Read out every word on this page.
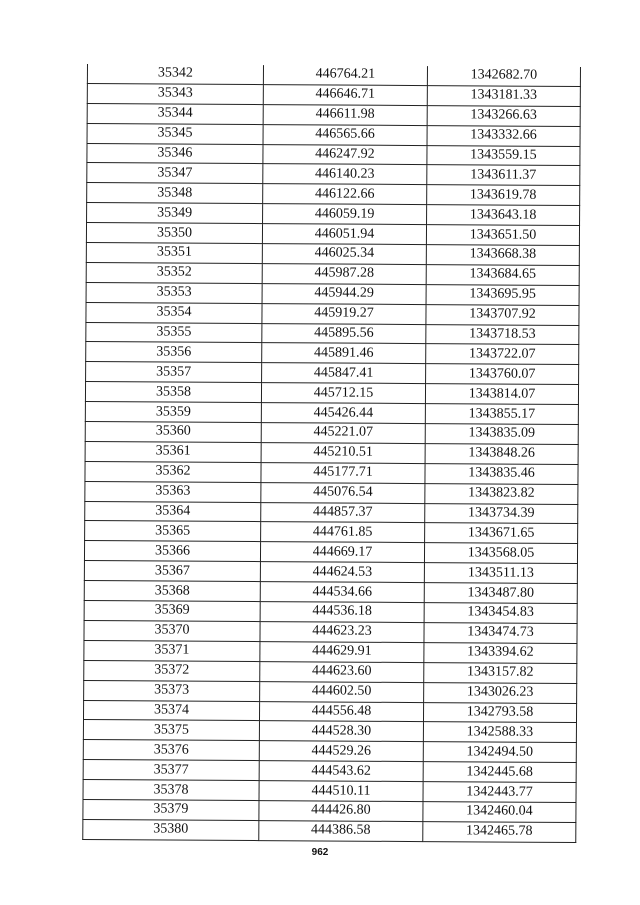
35342	446764.21	1342682.70
35343	446646.71	1343181.33
35344	446611.98	1343266.63
35345	446565.66	1343332.66
35346	446247.92	1343559.15
35347	446140.23	1343611.37
35348	446122.66	1343619.78
35349	446059.19	1343643.18
35350	446051.94	1343651.50
35351	446025.34	1343668.38
35352	445987.28	1343684.65
35353	445944.29	1343695.95
35354	445919.27	1343707.92
35355	445895.56	1343718.53
35356	445891.46	1343722.07
35357	445847.41	1343760.07
35358	445712.15	1343814.07
35359	445426.44	1343855.17
35360	445221.07	1343835.09
35361	445210.51	1343848.26
35362	445177.71	1343835.46
35363	445076.54	1343823.82
35364	444857.37	1343734.39
35365	444761.85	1343671.65
35366	444669.17	1343568.05
35367	444624.53	1343511.13
35368	444534.66	1343487.80
35369	444536.18	1343454.83
35370	444623.23	1343474.73
35371	444629.91	1343394.62
35372	444623.60	1343157.82
35373	444602.50	1343026.23
35374	444556.48	1342793.58
35375	444528.30	1342588.33
35376	444529.26	1342494.50
35377	444543.62	1342445.68
35378	444510.11	1342443.77
35379	444426.80	1342460.04
35380	444386.58	1342465.78
962
